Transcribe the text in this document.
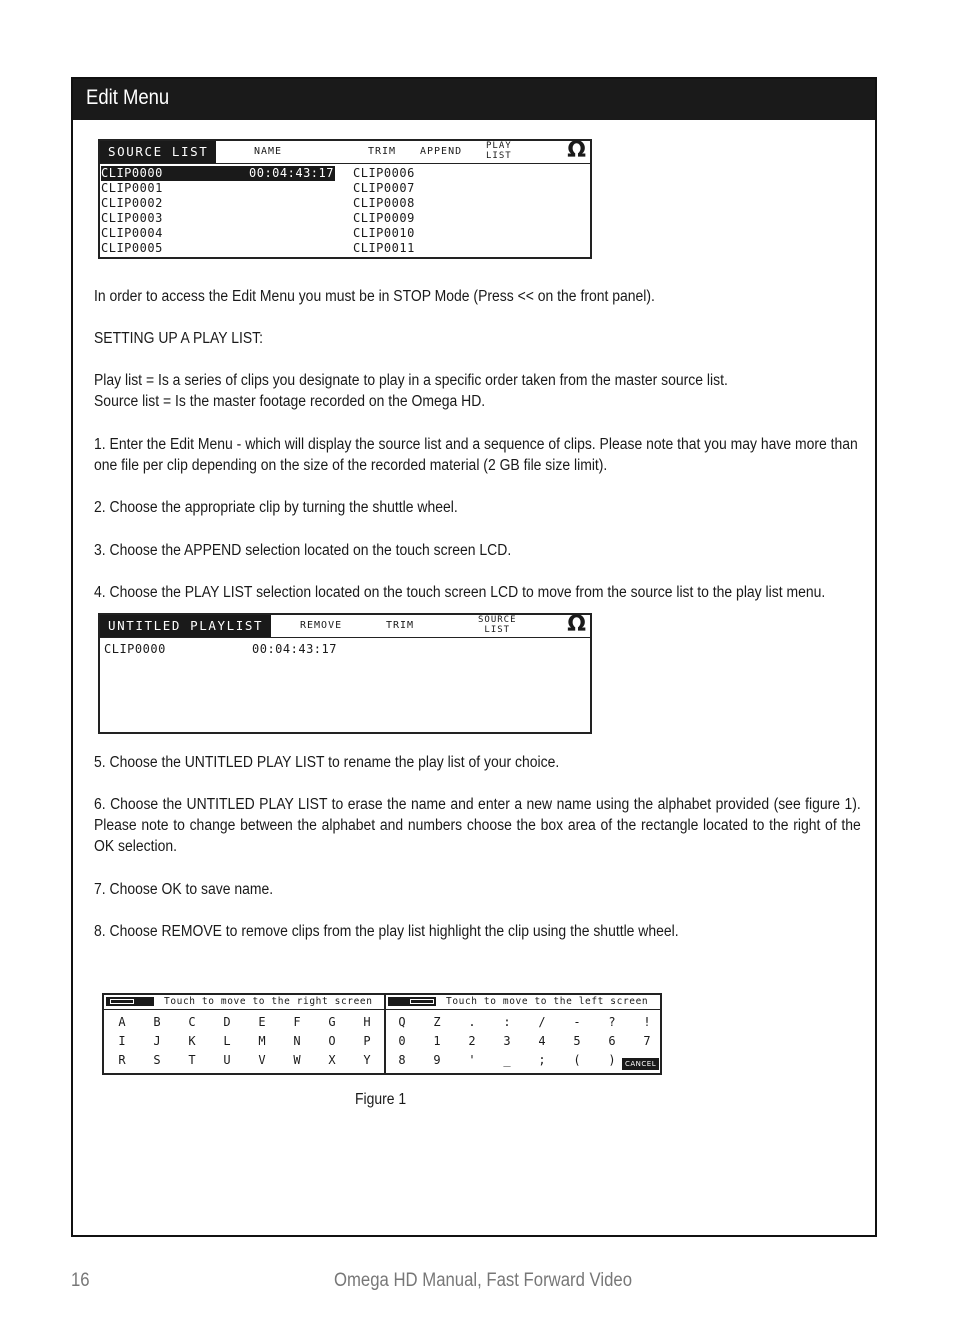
Edit Menu
SOURCE LIST	NAME	TRIM APPEND	PLAY
LIST	Ω
CLIP0000	00:04:43:17 CLIP0006
CLIP0001	CLIP0007
CLIP0002	CLIP0008
CLIP0003	CLIP0009
CLIP0004	CLIP0010
CLIP0005	CLIP0011
In order to access the Edit Menu you must be in STOP Mode (Press << on the front panel).
SETTING UP A PLAY LIST:
Play list = Is a series of clips you designate to play in a specific order taken from the master source list.
Source list = Is the master footage recorded on the Omega HD.
1. Enter the Edit Menu - which will display the source list and a sequence of clips. Please note that you may have more than one file per clip depending on the size of the recorded material (2 GB file size limit).
2. Choose the appropriate clip by turning the shuttle wheel.
3. Choose the APPEND selection located on the touch screen LCD.
4. Choose the PLAY LIST selection located on the touch screen LCD to move from the source list to the play list menu.
UNTITLED PLAYLIST	REMOVE	TRIM	SOURCE
LIST	Ω
CLIP0000	00:04:43:17
5. Choose the UNTITLED PLAY LIST to rename the play list of your choice.
6. Choose the UNTITLED PLAY LIST to erase the name and enter a new name using the alphabet provided (see figure 1). Please note to change between the alphabet and numbers choose the box area of the rectangle located to the right of the OK selection.
7. Choose OK to save name.
8. Choose REMOVE to remove clips from the play list highlight the clip using the shuttle wheel.
Touch to move to the right screen
A	B	C	D	E	F	G	H
I	J	K	L	M	N	O	P
R	S	T	U	V	W	X	Y
Touch to move to the left screen
Q	Z	.	:	/	-	?	!
0	1	2	3	4	5	6	7
8	9	'	_	;	(	)	CANCEL
Figure 1
16	Omega HD Manual, Fast Forward Video
